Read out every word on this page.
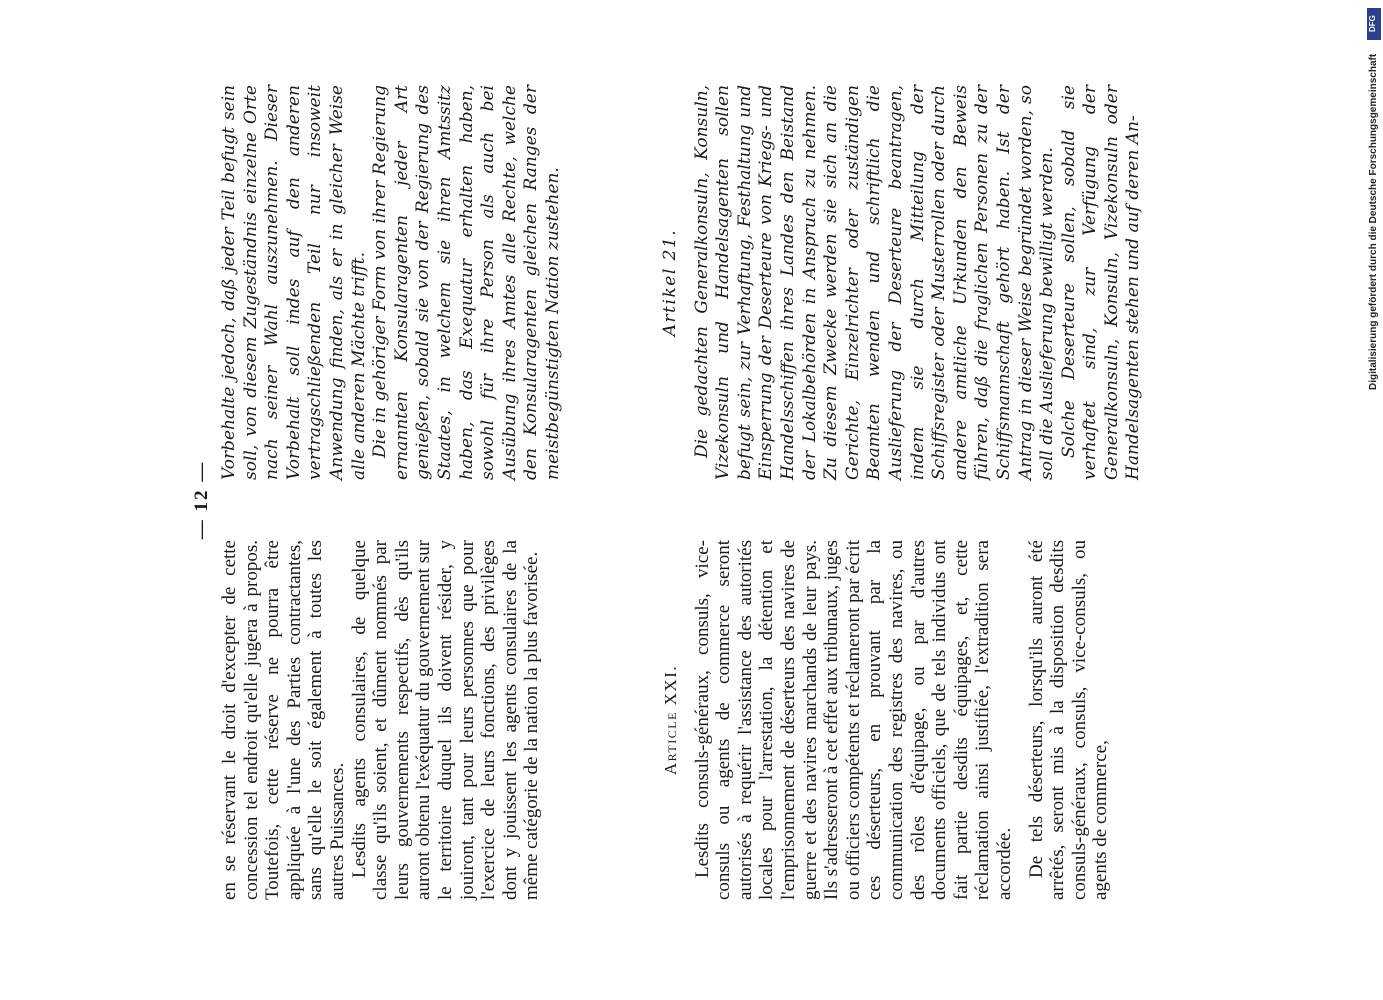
— 12 —

en se réservant le droit d'excepter de cette concession tel endroit qu'elle jugera à propos. Toutefois, cette réserve ne pourra être appliquée à l'une des Parties contractantes, sans qu'elle le soit également à toutes les autres Puissances. Lesdits agents consulaires, de quelque classe qu'ils soient, et dûment nommés par leurs gouvernements respectifs, dès qu'ils auront obtenu l'exéquatur du gouvernement sur le territoire duquel ils doivent résider, y jouiront, tant pour leurs personnes que pour l'exercice de leurs fonctions, des privilèges dont y jouissent les agents consulaires de la même catégorie de la nation la plus favorisée.

Vorbehalte jedoch, daß jeder Teil befugt sein soll, von diesem Zugeständnis einzelne Orte nach seiner Wahl auszunehmen. Dieser Vorbehalt soll indes auf den anderen vertragschließenden Teil nur insoweit Anwendung finden, als er in gleicher Weise alle anderen Mächte trifft. Die in gehöriger Form von ihrer Regierung ernannten Konsularagenten jeder Art genießen, sobald sie von der Regierung des Staates, in welchem sie ihren Amtssitz haben, das Exequatur erhalten haben, sowohl für ihre Person als auch bei Ausübung ihres Amtes alle Rechte, welche den Konsularagenten gleichen Ranges der meistbegünstigten Nation zustehen.

Article XXI. Lesdits consuls-généraux, consuls, vice-consuls ou agents de commerce seront autorisés à requérir l'assistance des autorités locales pour l'arrestation, la détention et l'emprisonnement de déserteurs des navires de guerre et des navires marchands de leur pays. Ils s'adresseront à cet effet aux tribunaux, juges ou officiers compétents et réclameront par écrit ces déserteurs, en prouvant par la communication des registres des navires, ou des rôles d'équipage, ou par d'autres documents officiels, que de tels individus ont fait partie desdits équipages, et, cette réclamation ainsi justifiée, l'extradition sera accordée. De tels déserteurs, lorsqu'ils auront été arrêtés, seront mis à la disposition desdits consuls-généraux, consuls, vice-consuls, ou agents de commerce,

Artikel 21. Die gedachten Generalkonsuln, Konsuln, Vizekonsuln und Handelsagenten sollen befugt sein, zur Verhaftung, Festhaltung und Einsperrung der Deserteure von Kriegs- und Handelsschiffen ihres Landes den Beistand der Lokalbehörden in Anspruch zu nehmen. Zu diesem Zwecke werden sie sich an die Gerichte, Einzelrichter oder zuständigen Beamten wenden und schriftlich die Auslieferung der Deserteure beantragen, indem sie durch Mitteilung der Schiffsregister oder Musterrollen oder durch andere amtliche Urkunden den Beweis führen, daß die fraglichen Personen zu der Schiffsmannschaft gehört haben. Ist der Antrag in dieser Weise begründet worden, so soll die Auslieferung bewilligt werden. Solche Deserteure sollen, sobald sie verhaftet sind, zur Verfügung der Generalkonsuln, Konsuln, Vizekonsuln oder Handelsagenten stehen und auf deren An-

DFG
Digitalisierung gefördert durch die Deutsche Forschungsgemeinschaft
